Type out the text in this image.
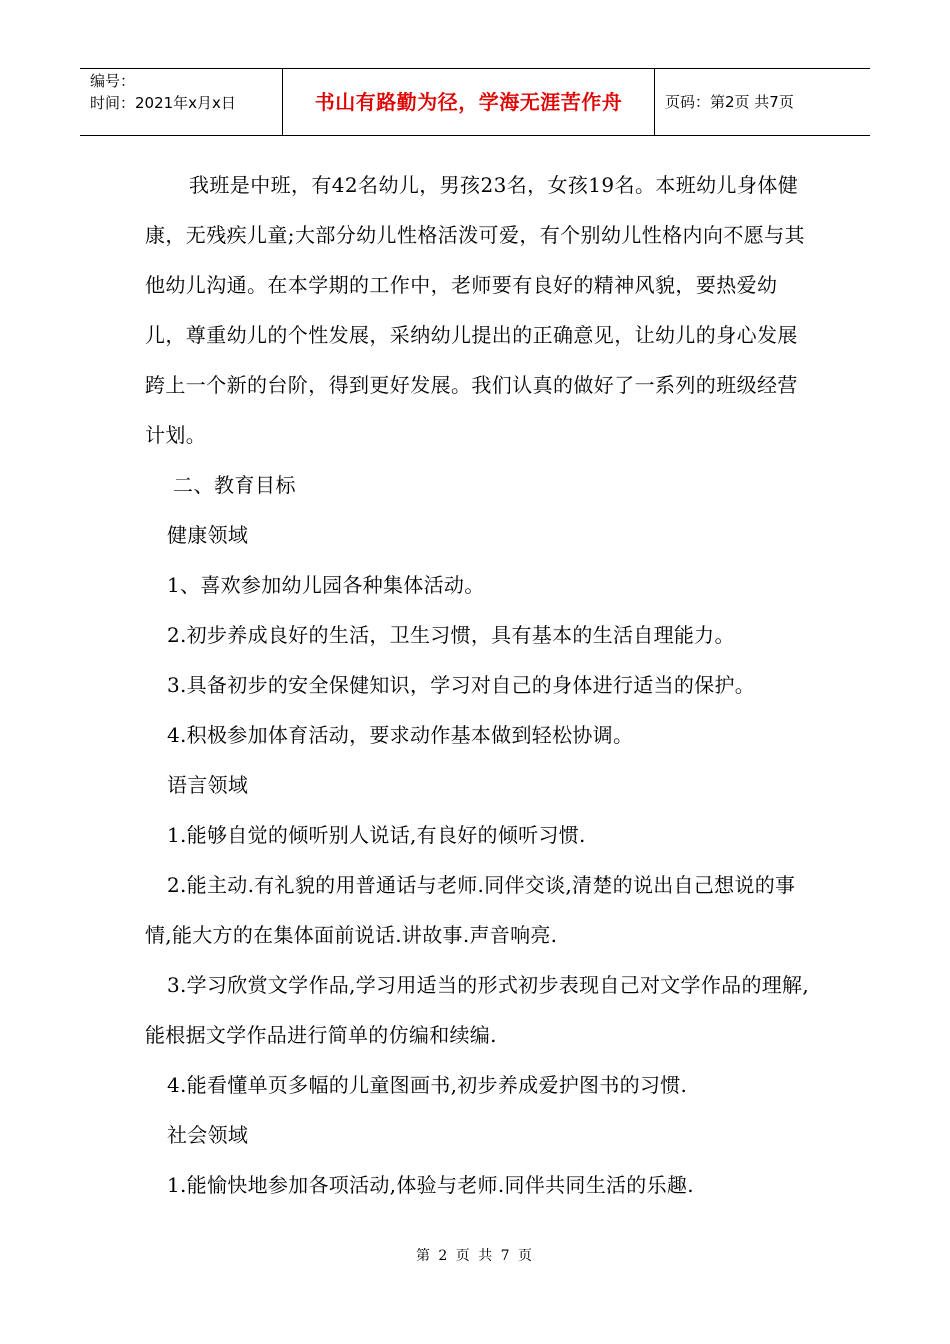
编号：
时间：2021年x月x日	书山有路勤为径，学海无涯苦作舟	页码：第2页 共7页

我班是中班，有42名幼儿，男孩23名，女孩19名。本班幼儿身体健康，无残疾儿童;大部分幼儿性格活泼可爱，有个别幼儿性格内向不愿与其他幼儿沟通。在本学期的工作中，老师要有良好的精神风貌，要热爱幼儿，尊重幼儿的个性发展，采纳幼儿提出的正确意见，让幼儿的身心发展跨上一个新的台阶，得到更好发展。我们认真的做好了一系列的班级经营计划。

二、教育目标

健康领域

1、喜欢参加幼儿园各种集体活动。

2.初步养成良好的生活，卫生习惯，具有基本的生活自理能力。

3.具备初步的安全保健知识，学习对自己的身体进行适当的保护。

4.积极参加体育活动，要求动作基本做到轻松协调。

语言领域

1.能够自觉的倾听别人说话,有良好的倾听习惯.

2.能主动.有礼貌的用普通话与老师.同伴交谈,清楚的说出自己想说的事情,能大方的在集体面前说话.讲故事.声音响亮.

3.学习欣赏文学作品,学习用适当的形式初步表现自己对文学作品的理解,能根据文学作品进行简单的仿编和续编.

4.能看懂单页多幅的儿童图画书,初步养成爱护图书的习惯.

社会领域

1.能愉快地参加各项活动,体验与老师.同伴共同生活的乐趣.

第 2 页 共 7 页
